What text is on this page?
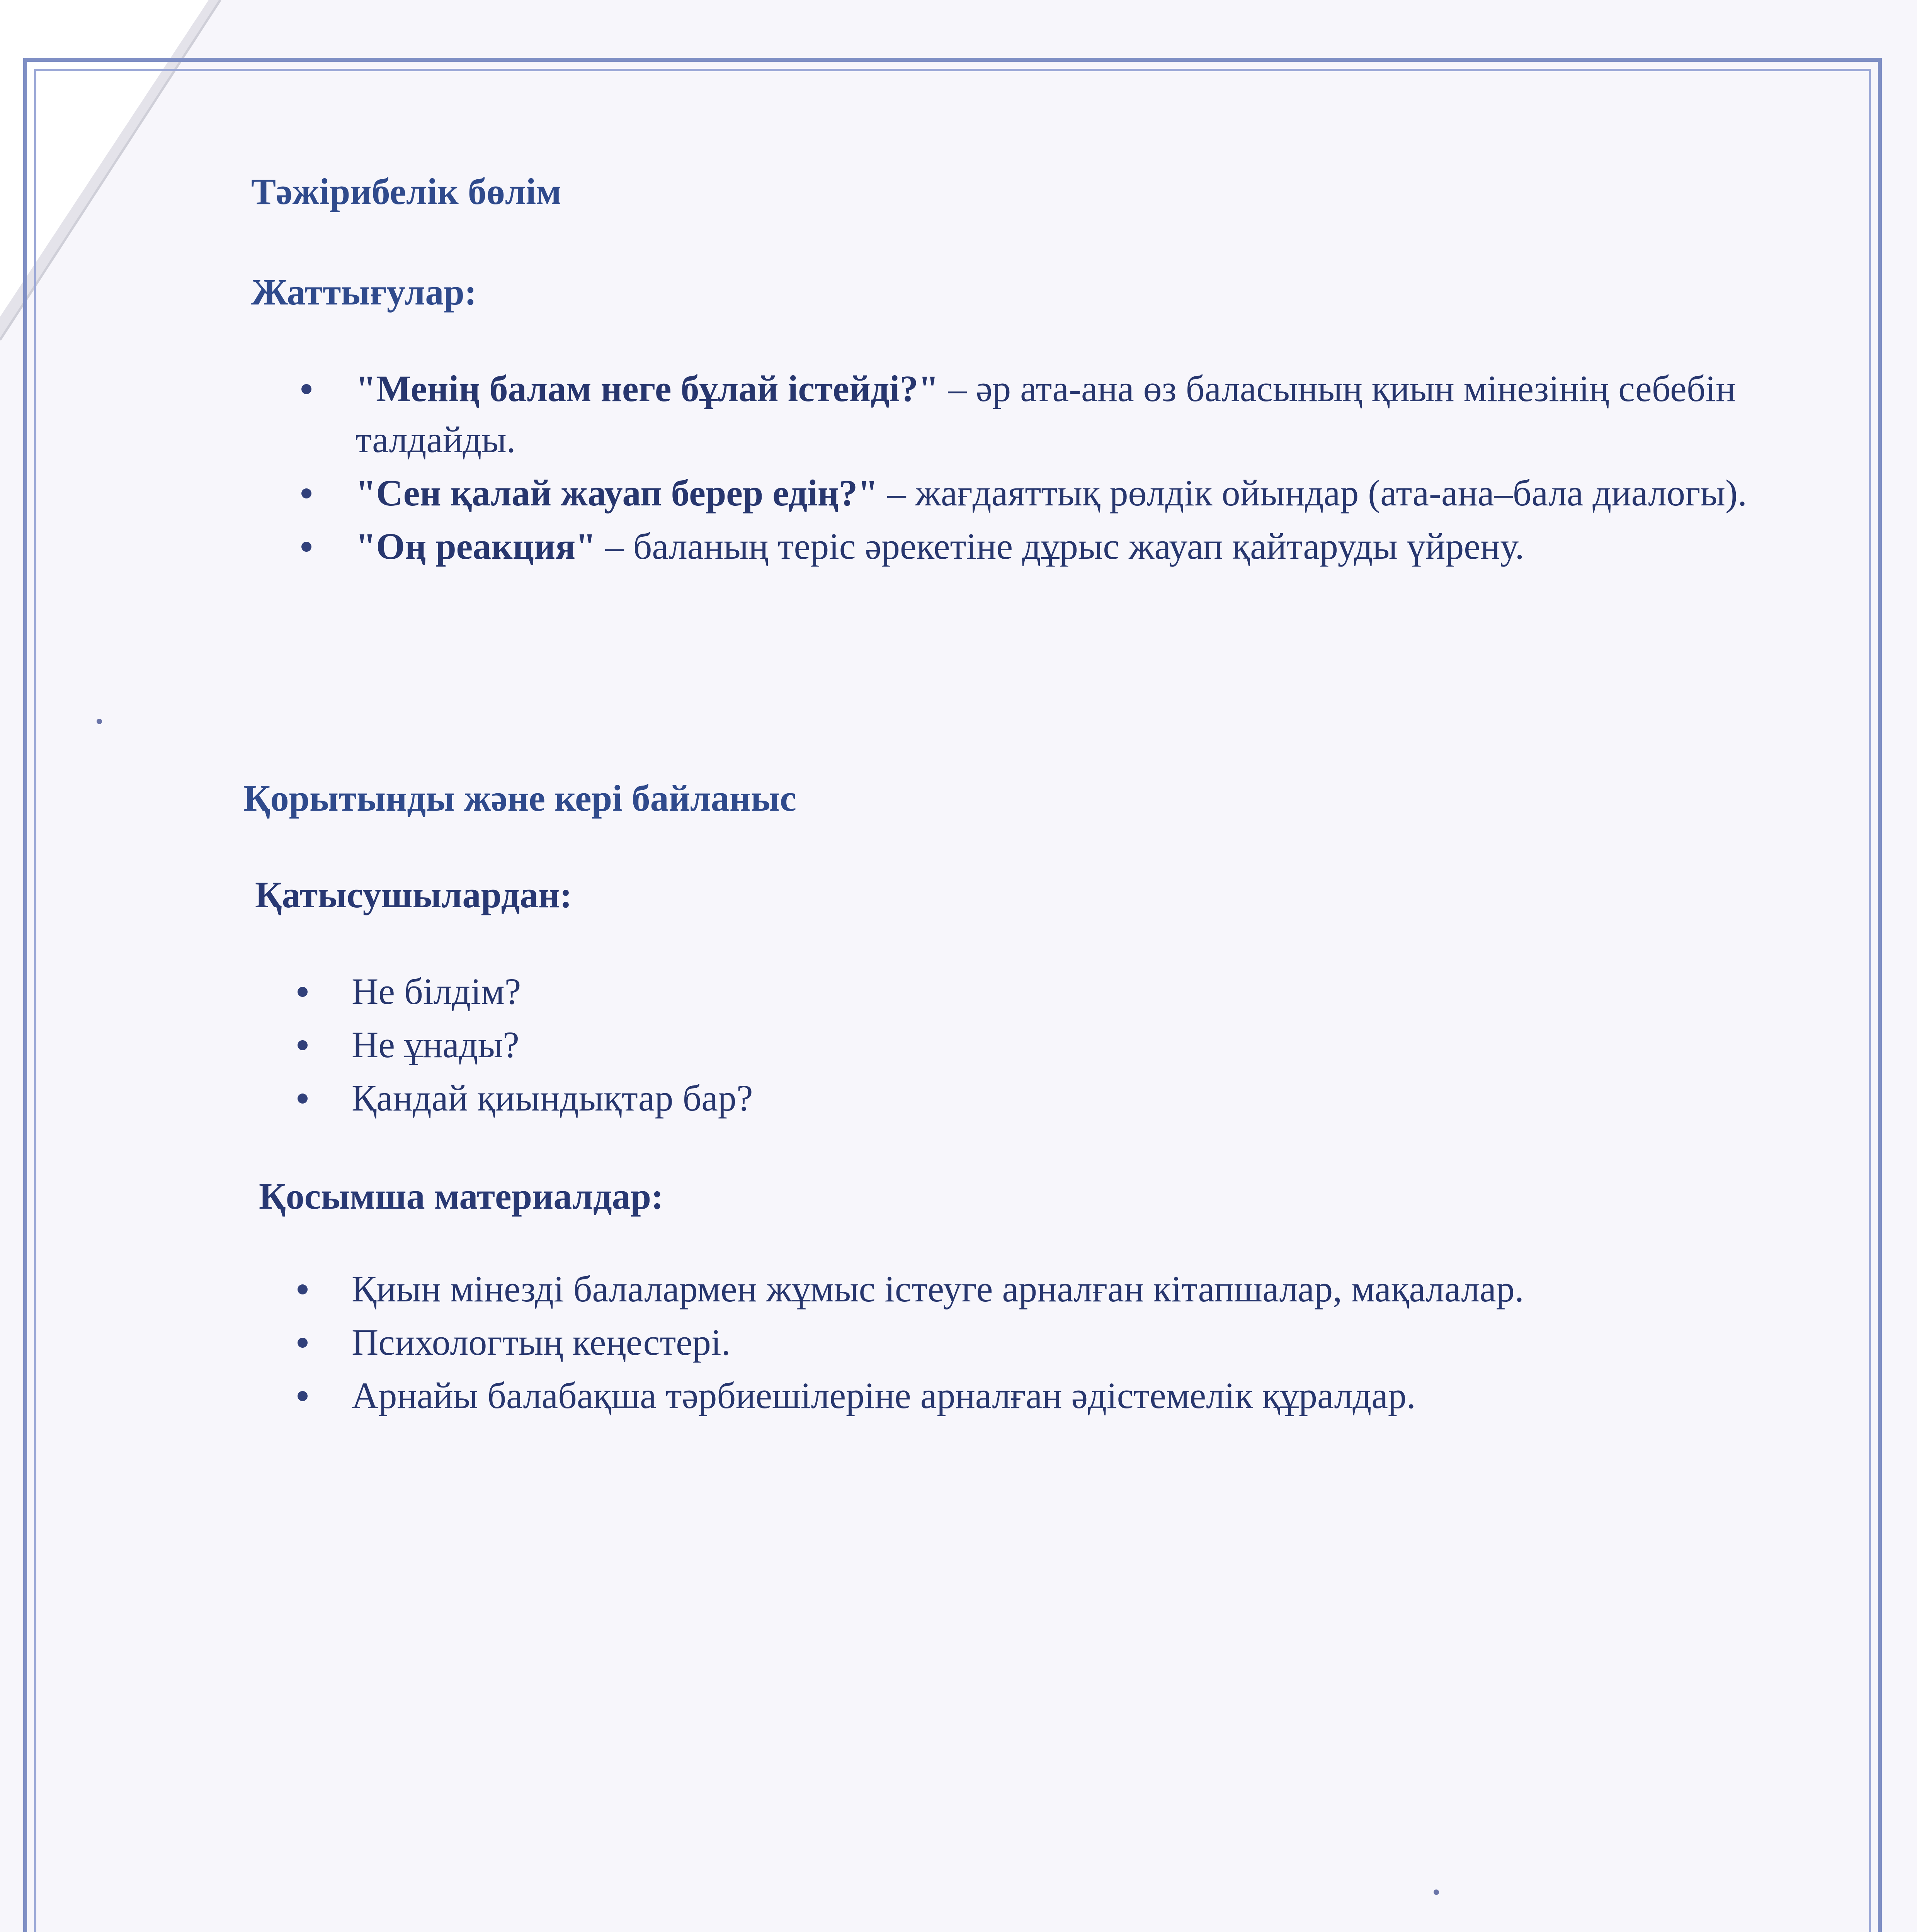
Тәжірибелік бөлім
Жаттығулар:
"Менің балам неге бұлай істейді?" – әр ата-ана өз баласының қиын мінезінің себебін талдайды.
"Сен қалай жауап берер едің?" – жағдаяттық рөлдік ойындар (ата-ана–бала диалогы).
"Оң реакция" – баланың теріс әрекетіне дұрыс жауап қайтаруды үйрену.
Қорытынды және кері байланыс
Қатысушылардан:
Не білдім?
Не ұнады?
Қандай қиындықтар бар?
Қосымша материалдар:
Қиын мінезді балалармен жұмыс істеуге арналған кітапшалар, мақалалар.
Психологтың кеңестері.
Арнайы балабақша тәрбиешілеріне арналған әдістемелік құралдар.
